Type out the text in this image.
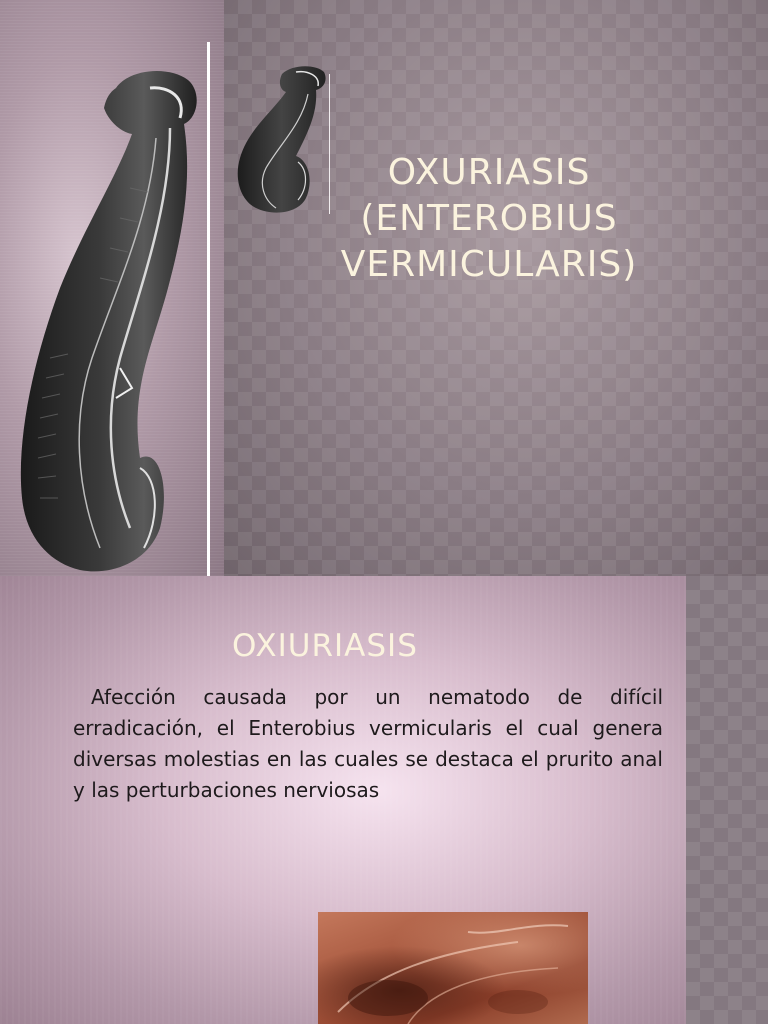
OXURIASIS
(ENTEROBIUS
VERMICULARIS)
OXIURIASIS

Afección causada por un nematodo de difícil erradicación, el Enterobius vermicularis el cual genera diversas molestias en las cuales se destaca el prurito anal y las perturbaciones nerviosas
